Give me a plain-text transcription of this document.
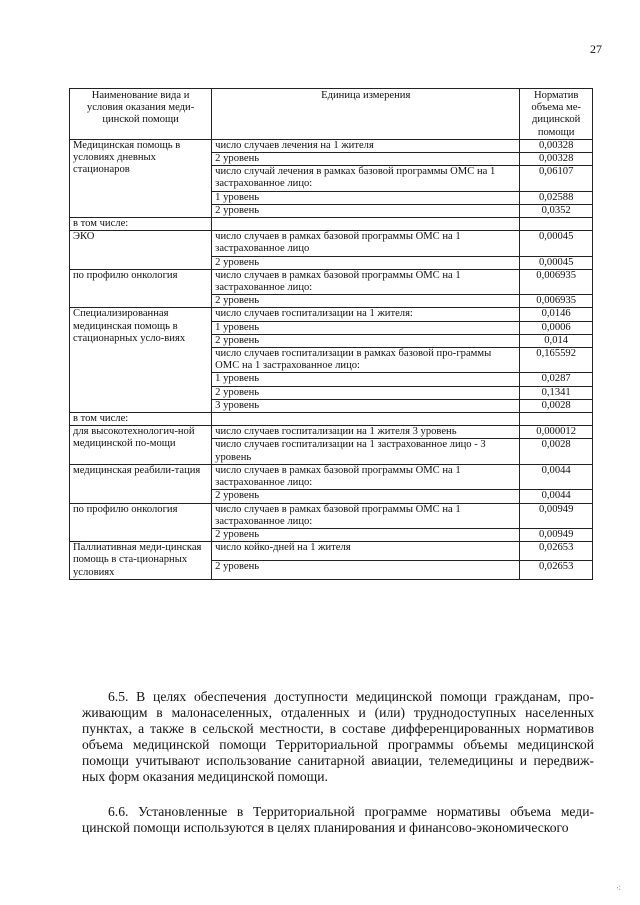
27
Наименование вида и условия оказания меди-цинской помощи	Единица измерения	Норматив объема ме-дицинской помощи
Медицинская помощь в условиях дневных стационаров	число случаев лечения на 1 жителя	0,00328
	2 уровень	0,00328
	число случай лечения в рамках базовой программы ОМС на 1 застрахованное лицо:	0,06107
	1 уровень	0,02588
	2 уровень	0,0352
в том числе:		
ЭКО	число случаев в рамках базовой программы ОМС на 1 застрахованное лицо	0,00045
	2 уровень	0,00045
по профилю онкология	число случаев в рамках базовой программы ОМС на 1 застрахованное лицо:	0,006935
	2 уровень	0,006935
Специализированная медицинская помощь в стационарных усло-виях	число случаев госпитализации на 1 жителя:	0,0146
	1 уровень	0,0006
	2 уровень	0,014
	число случаев госпитализации в рамках базовой про-граммы ОМС на 1 застрахованное лицо:	0,165592
	1 уровень	0,0287
	2 уровень	0,1341
	3 уровень	0,0028
в том числе:		
для высокотехнологич-ной медицинской по-мощи	число случаев госпитализации на 1 жителя 3 уровень	0,000012
	число случаев госпитализации на 1 застрахованное лицо - 3 уровень	0,0028
медицинская реабили-тация	число случаев в рамках базовой программы ОМС на 1 застрахованное лицо:	0,0044
	2 уровень	0,0044
по профилю онкология	число случаев в рамках базовой программы ОМС на 1 застрахованное лицо:	0,00949
	2 уровень	0,00949
Паллиативная меди-цинская помощь в ста-ционарных условиях	число койко-дней на 1 жителя	0,02653
	2 уровень	0,02653

6.5. В целях обеспечения доступности медицинской помощи гражданам, про-живающим в малонаселенных, отдаленных и (или) труднодоступных населенных пунктах, а также в сельской местности, в составе дифференцированных нормативов объема медицинской помощи Территориальной программы объемы медицинской помощи учитывают использование санитарной авиации, телемедицины и передвиж-ных форм оказания медицинской помощи.

6.6. Установленные в Территориальной программе нормативы объема меди-цинской помощи используются в целях планирования и финансово-экономического

⁖
